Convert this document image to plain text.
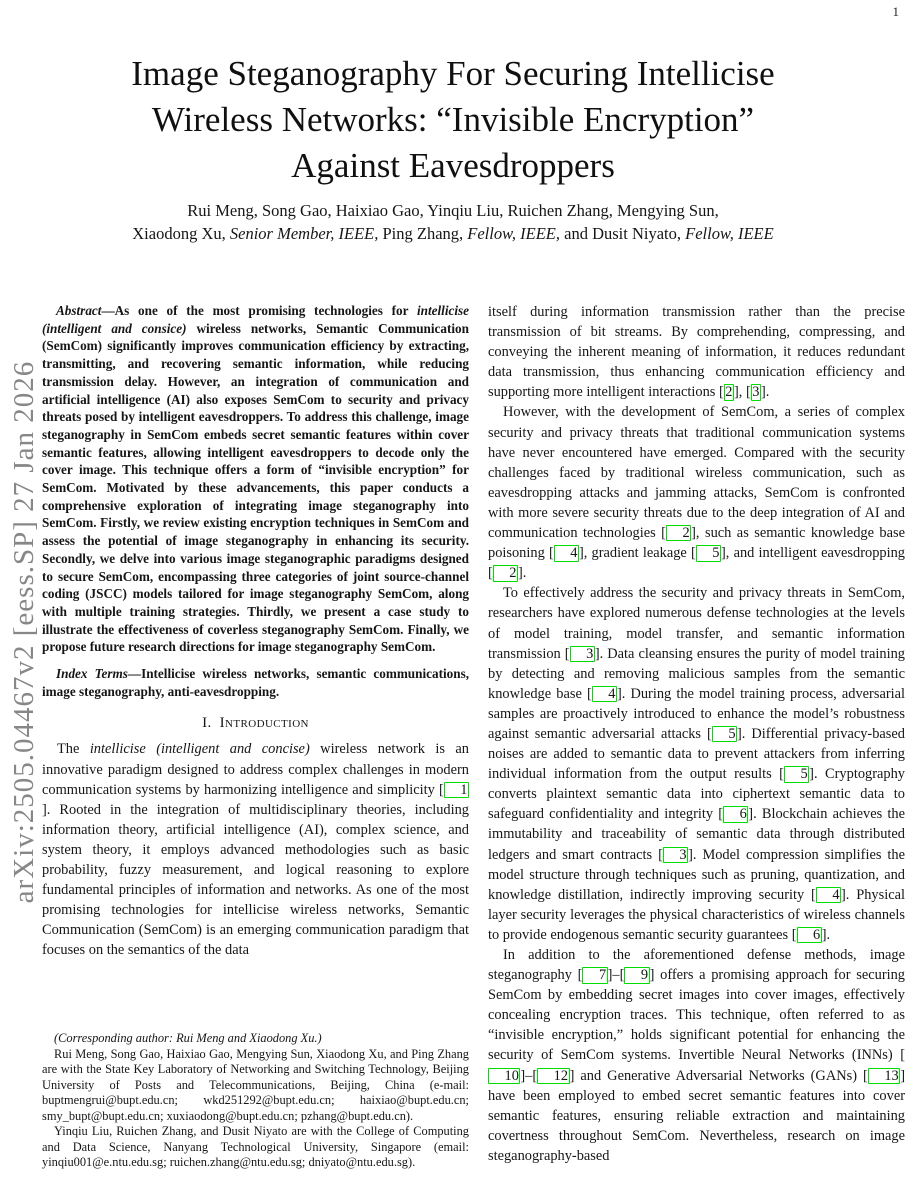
1
arXiv:2505.04467v2 [eess.SP] 27 Jan 2026
Image Steganography For Securing Intellicise
Wireless Networks: “Invisible Encryption”
Against Eavesdroppers
Rui Meng, Song Gao, Haixiao Gao, Yinqiu Liu, Ruichen Zhang, Mengying Sun,
Xiaodong Xu, Senior Member, IEEE, Ping Zhang, Fellow, IEEE, and Dusit Niyato, Fellow, IEEE

Abstract—As one of the most promising technologies for intellicise (intelligent and consice) wireless networks, Semantic Communication (SemCom) significantly improves communication efficiency by extracting, transmitting, and recovering semantic information, while reducing transmission delay. However, an integration of communication and artificial intelligence (AI) also exposes SemCom to security and privacy threats posed by intelligent eavesdroppers. To address this challenge, image steganography in SemCom embeds secret semantic features within cover semantic features, allowing intelligent eavesdroppers to decode only the cover image. This technique offers a form of “invisible encryption” for SemCom. Motivated by these advancements, this paper conducts a comprehensive exploration of integrating image steganography into SemCom. Firstly, we review existing encryption techniques in SemCom and assess the potential of image steganography in enhancing its security. Secondly, we delve into various image steganographic paradigms designed to secure SemCom, encompassing three categories of joint source-channel coding (JSCC) models tailored for image steganography SemCom, along with multiple training strategies. Thirdly, we present a case study to illustrate the effectiveness of coverless steganography SemCom. Finally, we propose future research directions for image steganography SemCom.

Index Terms—Intellicise wireless networks, semantic communications, image steganography, anti-eavesdropping.

I. Introduction

The intellicise (intelligent and concise) wireless network is an innovative paradigm designed to address complex challenges in modern communication systems by harmonizing intelligence and simplicity [ 1]. Rooted in the integration of multidisciplinary theories, including information theory, artificial intelligence (AI), complex science, and system theory, it employs advanced methodologies such as basic probability, fuzzy measurement, and logical reasoning to explore fundamental principles of information and networks. As one of the most promising technologies for intellicise wireless networks, Semantic Communication (SemCom) is an emerging communication paradigm that focuses on the semantics of the data

itself during information transmission rather than the precise transmission of bit streams. By comprehending, compressing, and conveying the inherent meaning of information, it reduces redundant data transmission, thus enhancing communication efficiency and supporting more intelligent interactions [ 2 ], [ 3 ].

However, with the development of SemCom, a series of complex security and privacy threats that traditional communication systems have never encountered have emerged. Compared with the security challenges faced by traditional wireless communication, such as eavesdropping attacks and jamming attacks, SemCom is confronted with more severe security threats due to the deep integration of AI and communication technologies [ 2 ], such as semantic knowledge base poisoning [ 4 ], gradient leakage [ 5 ], and intelligent eavesdropping [ 2 ].

To effectively address the security and privacy threats in SemCom, researchers have explored numerous defense technologies at the levels of model training, model transfer, and semantic information transmission [ 3 ]. Data cleansing ensures the purity of model training by detecting and removing malicious samples from the semantic knowledge base [ 4 ]. During the model training process, adversarial samples are proactively introduced to enhance the model’s robustness against semantic adversarial attacks [ 5 ]. Differential privacy-based noises are added to semantic data to prevent attackers from inferring individual information from the output results [ 5 ]. Cryptography converts plaintext semantic data into ciphertext semantic data to safeguard confidentiality and integrity [ 6 ]. Blockchain achieves the immutability and traceability of semantic data through distributed ledgers and smart contracts [ 3 ]. Model compression simplifies the model structure through techniques such as pruning, quantization, and knowledge distillation, indirectly improving security [ 4 ]. Physical layer security leverages the physical characteristics of wireless channels to provide endogenous semantic security guarantees [ 6 ].

In addition to the aforementioned defense methods, image steganography [ 7 ]–[ 9 ] offers a promising approach for securing SemCom by embedding secret images into cover images, effectively concealing encryption traces. This technique, often referred to as “invisible encryption,” holds significant potential for enhancing the security of SemCom systems. Invertible Neural Networks (INNs) [10 ]–[ 12 ] and Generative Adversarial Networks (GANs) [ 13 ] have been employed to embed secret semantic features into cover semantic features, ensuring reliable extraction and maintaining covertness throughout SemCom. Nevertheless, research on image steganography-based

(Corresponding author: Rui Meng and Xiaodong Xu.)

Rui Meng, Song Gao, Haixiao Gao, Mengying Sun, Xiaodong Xu, and Ping Zhang are with the State Key Laboratory of Networking and Switching Technology, Beijing University of Posts and Telecommunications, Beijing, China (e-mail: buptmengrui@bupt.edu.cn; wkd251292@bupt.edu.cn; haixiao@bupt.edu.cn; smy_bupt@bupt.edu.cn; xuxiaodong@bupt.edu.cn; pzhang@bupt.edu.cn).

Yinqiu Liu, Ruichen Zhang, and Dusit Niyato are with the College of Computing and Data Science, Nanyang Technological University, Singapore (email: yinqiu001@e.ntu.edu.sg; ruichen.zhang@ntu.edu.sg; dniyato@ntu.edu.sg).
